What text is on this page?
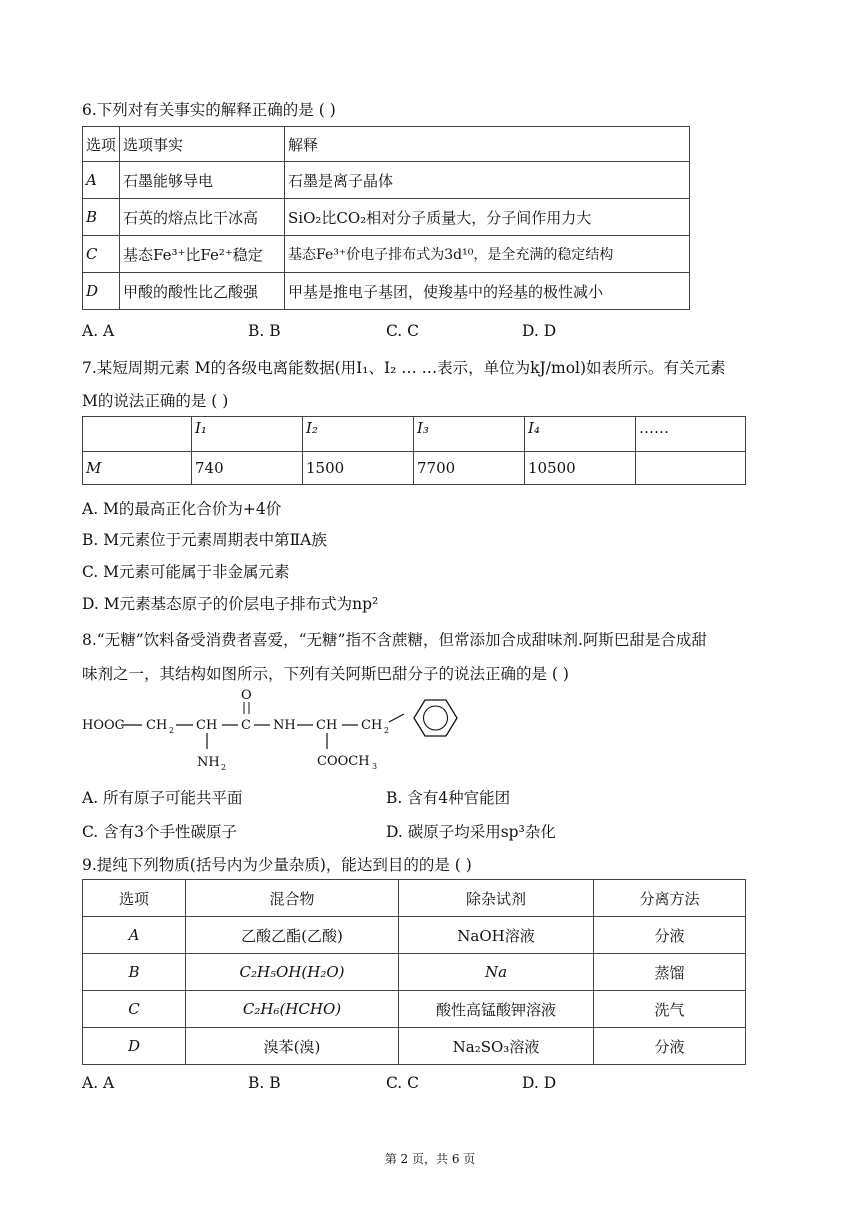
6.下列对有关事实的解释正确的是 ( )
选项	选项事实	解释
A	石墨能够导电	石墨是离子晶体
B	石英的熔点比干冰高	SiO₂比CO₂相对分子质量大，分子间作用力大
C	基态Fe³⁺比Fe²⁺稳定	基态Fe³⁺价电子排布式为3d¹⁰，是全充满的稳定结构
D	甲酸的酸性比乙酸强	甲基是推电子基团，使羧基中的羟基的极性减小
A. A	B. B	C. C	D. D
7.某短周期元素 M的各级电离能数据(用I₁、I₂ … …表示，单位为kJ/mol)如表所示。有关元素
M的说法正确的是 ( )
	I₁	I₂	I₃	I₄	……
M	740	1500	7700	10500	
A. M的最高正化合价为+4价
B. M元素位于元素周期表中第ⅡA族
C. M元素可能属于非金属元素
D. M元素基态原子的价层电子排布式为np²
8.“无糖”饮料备受消费者喜爱，“无糖”指不含蔗糖，但常添加合成甜味剂.阿斯巴甜是合成甜
味剂之一，其结构如图所示，下列有关阿斯巴甜分子的说法正确的是 ( )
HOOC CH 2 CH C
O
NH CH CH 2
NH 2	COOCH 3
A. 所有原子可能共平面	B. 含有4种官能团
C. 含有3个手性碳原子	D. 碳原子均采用sp³杂化
9.提纯下列物质(括号内为少量杂质)，能达到目的的是 ( )
选项	混合物	除杂试剂	分离方法
A	乙酸乙酯(乙酸)	NaOH溶液	分液
B	C₂H₅OH(H₂O)	Na	蒸馏
C	C₂H₆(HCHO)	酸性高锰酸钾溶液	洗气
D	溴苯(溴)	Na₂SO₃溶液	分液
A. A	B. B	C. C	D. D
第 2 页，共 6 页
